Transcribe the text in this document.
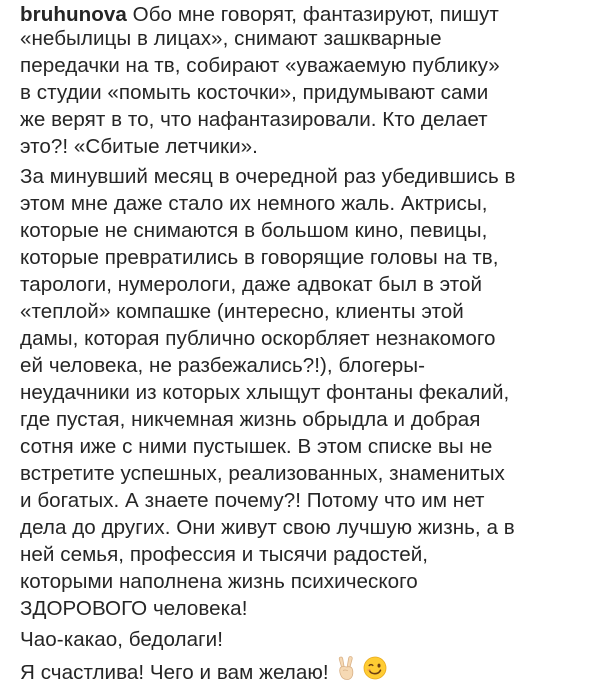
bruhunova Обо мне говорят, фантазируют, пишут
«небылицы в лицах», снимают зашкварные
передачки на тв, собирают «уважаемую публику»
в студии «помыть косточки», придумывают сами
же верят в то, что нафантазировали. Кто делает
это?! «Сбитые летчики».
За минувший месяц в очередной раз убедившись в
этом мне даже стало их немного жаль. Актрисы,
которые не снимаются в большом кино, певицы,
которые превратились в говорящие головы на тв,
тарологи, нумерологи, даже адвокат был в этой
«теплой» компашке (интересно, клиенты этой
дамы, которая публично оскорбляет незнакомого
ей человека, не разбежались?!), блогеры-
неудачники из которых хлыщут фонтаны фекалий,
где пустая, никчемная жизнь обрыдла и добрая
сотня иже с ними пустышек. В этом списке вы не
встретите успешных, реализованных, знаменитых
и богатых. А знаете почему?! Потому что им нет
дела до других. Они живут свою лучшую жизнь, а в
ней семья, профессия и тысячи радостей,
которыми наполнена жизнь психического
ЗДОРОВОГО человека!
Чао-какао, бедолаги!
Я счастлива! Чего и вам желаю!
